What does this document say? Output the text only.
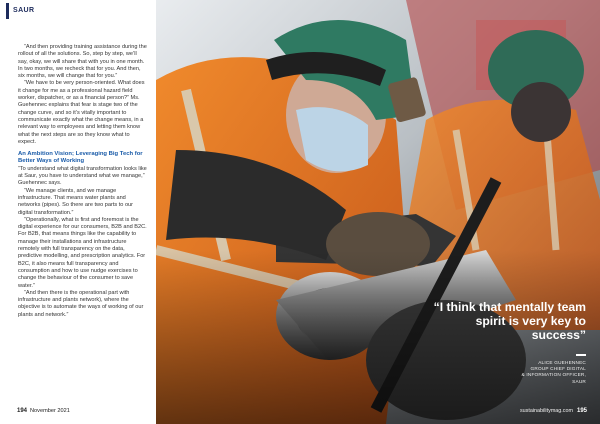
SAUR

“And then providing training assistance during the rollout of all the solutions. So, step by step, we’ll say, okay, we will share that with you in one month. In two months, we recheck that for you. And then, six months, we will change that for you.”

“We have to be very person-oriented. What does it change for me as a professional hazard field worker, dispatcher, or as a financial person?” Ms. Guehennec explains that fear is stage two of the change curve, and so it’s vitally important to communicate exactly what the change means, in a relevant way to employees and letting them know what the next steps are so they know what to expect.

An Ambition Vision; Leveraging Big Tech for Better Ways of Working

“To understand what digital transformation looks like at Saur, you have to understand what we manage,” Guehennec says.

“We manage clients, and we manage infrastructure. That means water plants and networks (pipes). So there are two parts to our digital transformation.”

“Operationally, what is first and foremost is the digital experience for our consumers, B2B and B2C. For B2B, that means things like the capability to manage their installations and infrastructure remotely with full transparency on the data, predictive modelling, and prescription analytics. For B2C, it also means full transparency and consumption and how to use nudge exercises to change the behaviour of the consumer to save water.”

“And then there is the operational part with infrastructure and plants network), where the objective is to automate the ways of working of our plants and network.”

194 November 2021
“I think that mentally team spirit is very key to success”
ALICE GUEHENNEC
GROUP CHIEF DIGITAL
& INFORMATION OFFICER,
SAUR
sustainabilitymag.com 195
